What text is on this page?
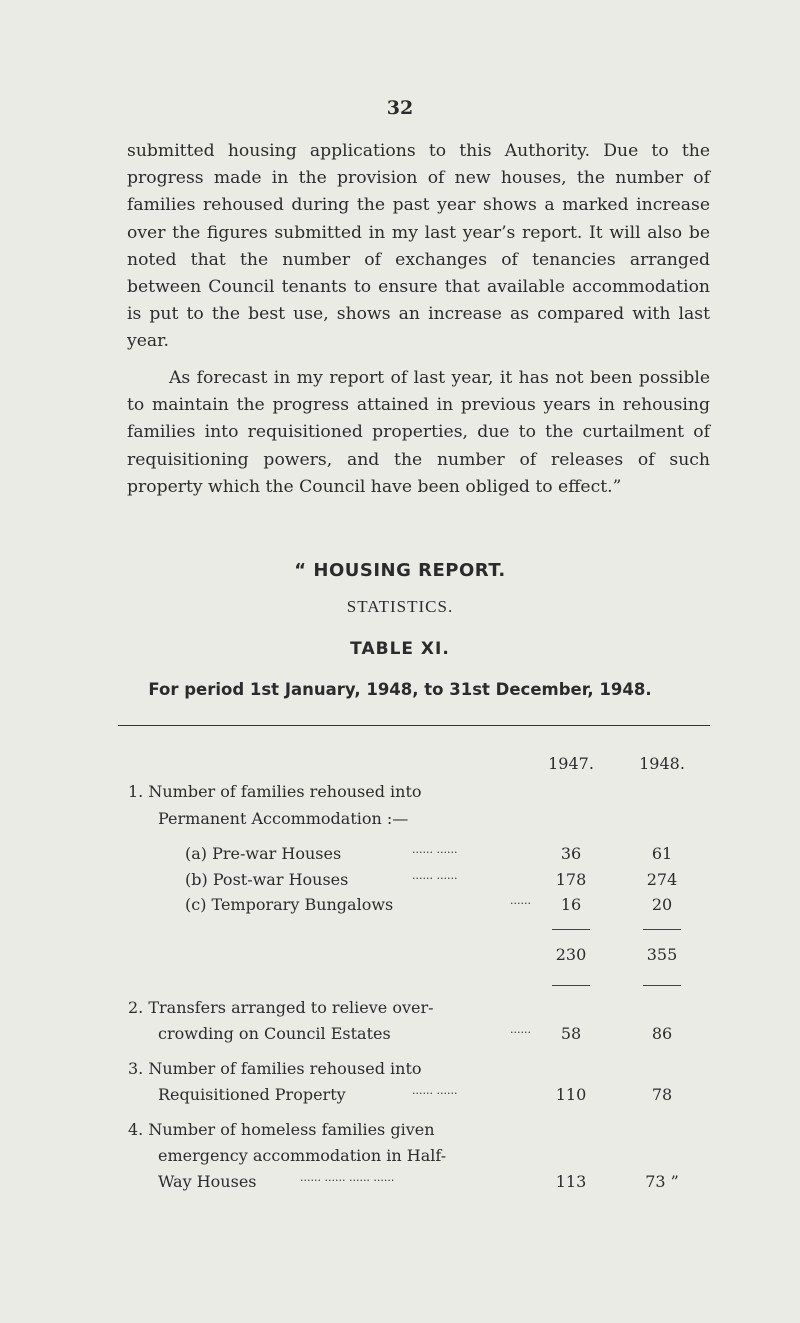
32

submitted housing applications to this Authority. Due to the progress made in the provision of new houses, the number of families rehoused during the past year shows a marked increase over the figures submitted in my last year’s report. It will also be noted that the number of exchanges of tenancies arranged between Council tenants to ensure that available accommodation is put to the best use, shows an increase as compared with last year.

As forecast in my report of last year, it has not been possible to maintain the progress attained in previous years in rehousing families into requisitioned properties, due to the curtailment of requisitioning powers, and the number of releases of such property which the Council have been obliged to effect.”

“ HOUSING REPORT.
STATISTICS.
TABLE XI.
For period 1st January, 1948, to 31st December, 1948.
1947.	1948.
1. Number of families rehoused into
Permanent Accommodation :—
(a) Pre-war Houses	...... ......	36	61
(b) Post-war Houses	...... ......	178	274
(c) Temporary Bungalows	......	16	20
230	355
2. Transfers arranged to relieve over-
crowding on Council Estates	......	58	86
3. Number of families rehoused into
Requisitioned Property	...... ......	110	78
4. Number of homeless families given
emergency accommodation in Half-
Way Houses	...... ...... ...... ......	113	73 ”
